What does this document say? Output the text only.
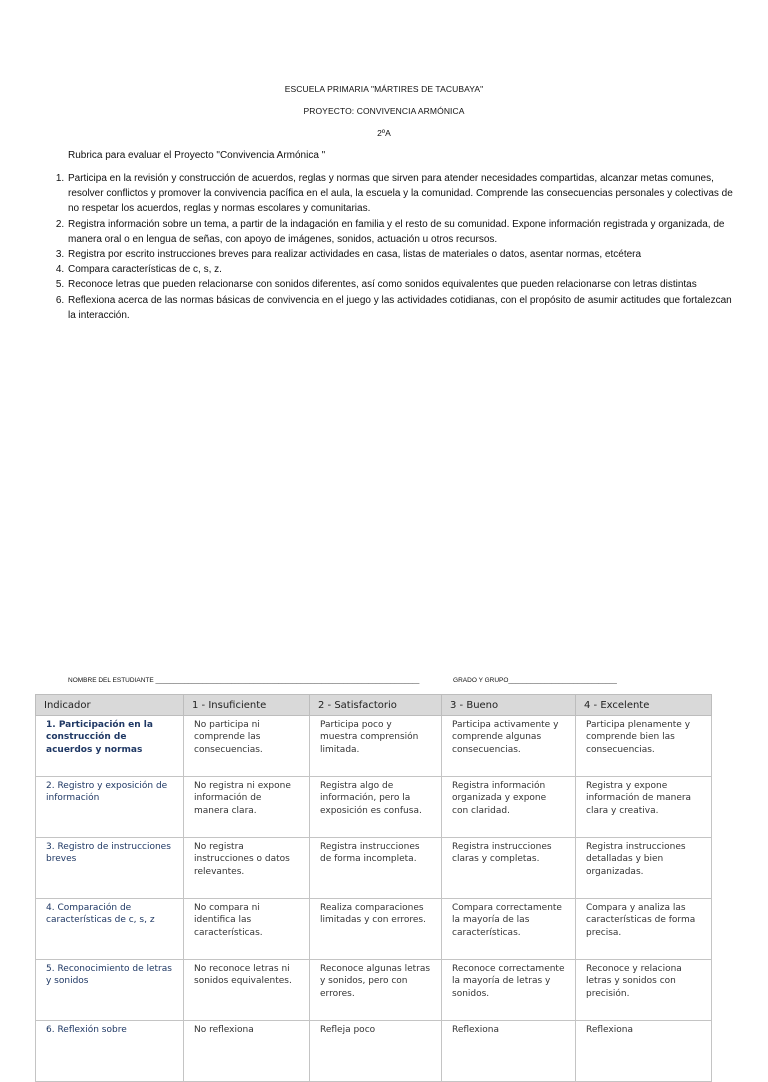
ESCUELA PRIMARIA "MÁRTIRES DE TACUBAYA"
PROYECTO: CONVIVENCIA ARMÓNICA
2ºA
Rubrica para evaluar el Proyecto "Convivencia Armónica "
1. Participa en la revisión y construcción de acuerdos, reglas y normas que sirven para atender necesidades compartidas, alcanzar metas comunes, resolver conflictos y promover la convivencia pacífica en el aula, la escuela y la comunidad. Comprende las consecuencias personales y colectivas de no respetar los acuerdos, reglas y normas escolares y comunitarias.
2. Registra información sobre un tema, a partir de la indagación en familia y el resto de su comunidad. Expone información registrada y organizada, de manera oral o en lengua de señas, con apoyo de imágenes, sonidos, actuación u otros recursos.
3. Registra por escrito instrucciones breves para realizar actividades en casa, listas de materiales o datos, asentar normas, etcétera
4. Compara características de c, s, z.
5. Reconoce letras que pueden relacionarse con sonidos diferentes, así como sonidos equivalentes que pueden relacionarse con letras distintas
6. Reflexiona acerca de las normas básicas de convivencia en el juego y las actividades cotidianas, con el propósito de asumir actitudes que fortalezcan la interacción.
NOMBRE DEL ESTUDIANTE _________________________________________________________________________	GRADO Y GRUPO______________________________
Indicador	1 - Insuficiente	2 - Satisfactorio	3 - Bueno	4 - Excelente
1. Participación en la construcción de acuerdos y normas	No participa ni comprende las consecuencias.	Participa poco y muestra comprensión limitada.	Participa activamente y comprende algunas consecuencias.	Participa plenamente y comprende bien las consecuencias.
2. Registro y exposición de información	No registra ni expone información de manera clara.	Registra algo de información, pero la exposición es confusa.	Registra información organizada y expone con claridad.	Registra y expone información de manera clara y creativa.
3. Registro de instrucciones breves	No registra instrucciones o datos relevantes.	Registra instrucciones de forma incompleta.	Registra instrucciones claras y completas.	Registra instrucciones detalladas y bien organizadas.
4. Comparación de características de c, s, z	No compara ni identifica las características.	Realiza comparaciones limitadas y con errores.	Compara correctamente la mayoría de las características.	Compara y analiza las características de forma precisa.
5. Reconocimiento de letras y sonidos	No reconoce letras ni sonidos equivalentes.	Reconoce algunas letras y sonidos, pero con errores.	Reconoce correctamente la mayoría de letras y sonidos.	Reconoce y relaciona letras y sonidos con precisión.
6. Reflexión sobre	No reflexiona	Refleja poco	Reflexiona	Reflexiona
